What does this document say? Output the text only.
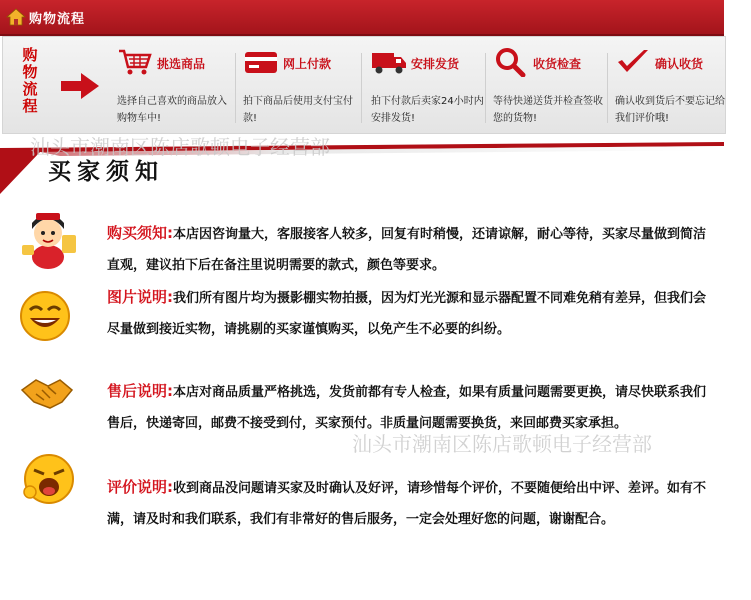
购物流程
购物流程
挑选商品
选择自己喜欢的商品放入购物车中!
网上付款
拍下商品后使用支付宝付款!
安排发货
拍下付款后卖家24小时内安排发货!
收货检查
等待快递送货并检查签收您的货物!
确认收货
确认收到货后不要忘记给我们评价哦!
买家须知
汕头市潮南区陈店歌顿电子经营部
汕头市潮南区陈店歌顿电子经营部
购买须知:本店因咨询量大，客服接客人较多，回复有时稍慢，还请谅解，耐心等待，买家尽量做到简洁直观，建议拍下后在备注里说明需要的款式，颜色等要求。
图片说明:我们所有图片均为摄影棚实物拍摄，因为灯光光源和显示器配置不同难免稍有差异，但我们会尽量做到接近实物，请挑剔的买家谨慎购买，以免产生不必要的纠纷。
售后说明:本店对商品质量严格挑选，发货前都有专人检查，如果有质量问题需要更换，请尽快联系我们售后，快递寄回，邮费不接受到付，买家预付。非质量问题需要换货，来回邮费买家承担。
评价说明:收到商品没问题请买家及时确认及好评，请珍惜每个评价，不要随便给出中评、差评。如有不满，请及时和我们联系，我们有非常好的售后服务，一定会处理好您的问题，谢谢配合。
